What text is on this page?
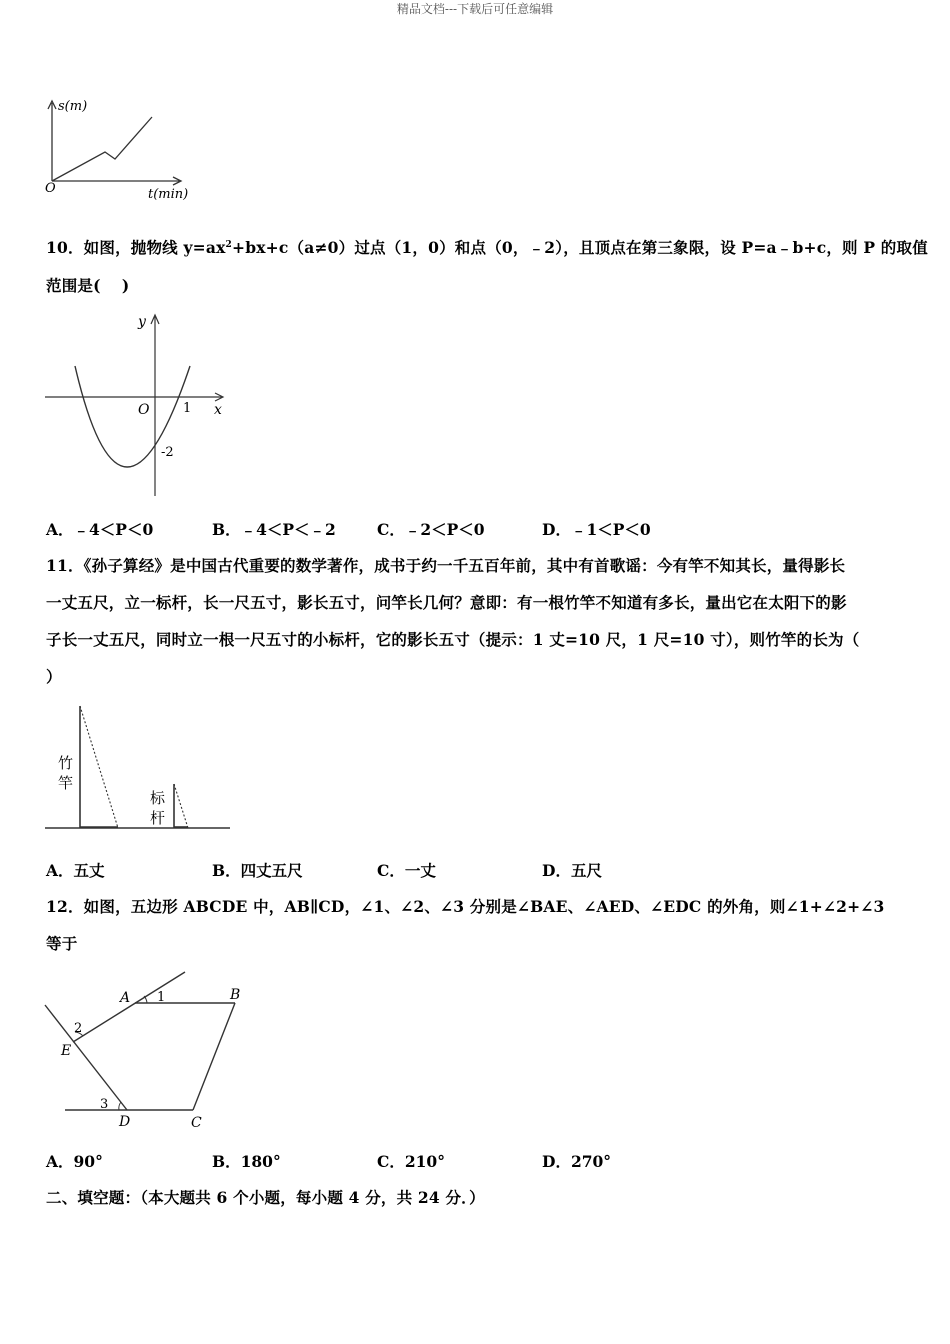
精品文档---下载后可任意编辑
s(m)
t(min)
O
10．如图，抛物线 $y=ax^2+bx+c(a\ne 0)$过点（1，0）和点（0，﹣2），且顶点在第三象限，设 P=a﹣b+c，则 P 的取值
范围是(　 )
y
x
O	1
-2
A．﹣4＜P＜0	B．﹣4＜P＜﹣2	C．﹣2＜P＜0	D．﹣1＜P＜0
11．《孙子算经》是中国古代重要的数学著作，成书于约一千五百年前，其中有首歌谣：今有竿不知其长，量得影长
一丈五尺，立一标杆，长一尺五寸，影长五寸，问竿长几何？意即：有一根竹竿不知道有多长，量出它在太阳下的影
子长一丈五尺，同时立一根一尺五寸的小标杆，它的影长五寸（提示：1 丈=10 尺，1 尺=10 寸），则竹竿的长为（
）
竹
竿
标
杆
A．五丈	B．四丈五尺	C．一丈	D．五尺
12．如图，五边形 ABCDE 中，AB∥CD，∠1、∠2、∠3 分别是∠BAE、∠AED、∠EDC 的外角，则∠1+∠2+∠3
等于
A	B
C
D
E
1
2
3
A．90°	B．180°	C．210°	D．270°
二、填空题：（本大题共 6 个小题，每小题 4 分，共 24 分．）
